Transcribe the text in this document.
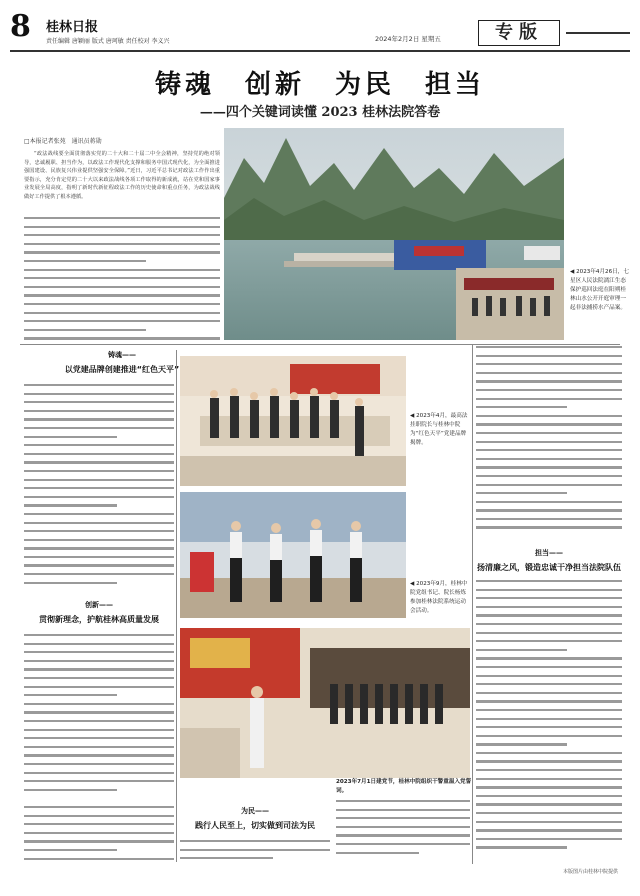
8 桂林日报
责任编辑 唐颖丽 版式 唐珂敏 责任校对 李义兴	2024年2月2日 星期五	专版
铸魂　创新　为民　担当
——四个关键词读懂 2023 桂林法院答卷
□本报记者张苑　通讯员蒋勋

“政法战线要全面贯彻落实党的二十大和二十届二中全会精神，坚持党的绝对领导，忠诚履职、担当作为，以政法工作现代化支撑和服务中国式现代化，为全面推进强国建设、民族复兴伟业提供坚强安全保障。”近日，习近平总书记对政法工作作出重要指示，充分肯定党的二十大以来政法战线各项工作取得的新成就，站在党和国家事业发展全局高度，指明了新时代新征程政法工作的历史使命和重点任务，为政法战线做好工作提供了根本遵循。

◀ 2023年4月26日，七星区人民法院漓江生态保护巡回法庭在阳朔桂林山水公开开庭审理一起非法捕捞水产品案。
铸魂——
以党建品牌创建推进“红色天平”
◀ 2023年4月，最高法挂职院长与桂林中院为“红色天平”党建品牌揭牌。
◀ 2023年9月，桂林中院党组书记、院长杨炼参加桂林法院系统运动会活动。
担当——
扬清廉之风，锻造忠诚干净担当法院队伍
创新——
贯彻新理念，护航桂林高质量发展
2023年7月1日建党节，桂林中院组织干警重温入党誓词。
为民——
践行人民至上，切实做到司法为民
本版图片由桂林中院提供
